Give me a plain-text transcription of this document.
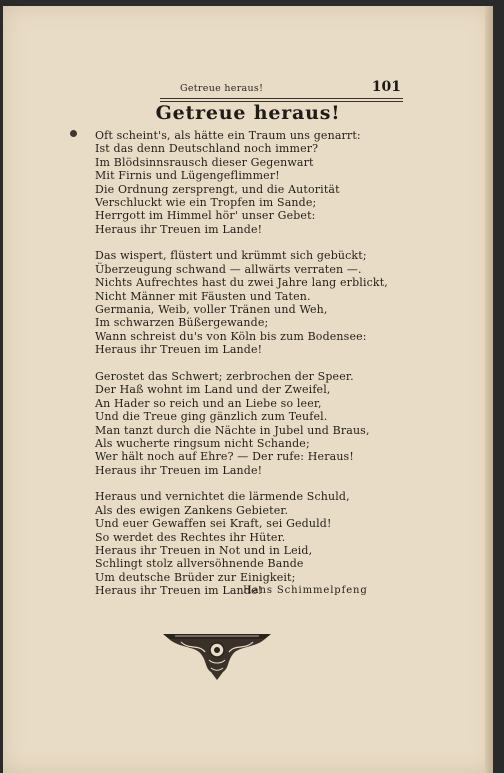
Getreue heraus!	101
Getreue heraus!
Oft scheint's, als hätte ein Traum uns genarrt:
Ist das denn Deutschland noch immer?
Im Blödsinnsrausch dieser Gegenwart
Mit Firnis und Lügengeflimmer!
Die Ordnung zersprengt, und die Autorität
Verschluckt wie ein Tropfen im Sande;
Herrgott im Himmel hör' unser Gebet:
Heraus ihr Treuen im Lande!
Das wispert, flüstert und krümmt sich gebückt;
Überzeugung schwand — allwärts verraten —.
Nichts Aufrechtes hast du zwei Jahre lang erblickt,
Nicht Männer mit Fäusten und Taten.
Germania, Weib, voller Tränen und Weh,
Im schwarzen Büßergewande;
Wann schreist du's von Köln bis zum Bodensee:
Heraus ihr Treuen im Lande!
Gerostet das Schwert; zerbrochen der Speer.
Der Haß wohnt im Land und der Zweifel,
An Hader so reich und an Liebe so leer,
Und die Treue ging gänzlich zum Teufel.
Man tanzt durch die Nächte in Jubel und Braus,
Als wucherte ringsum nicht Schande;
Wer hält noch auf Ehre? — Der rufe: Heraus!
Heraus ihr Treuen im Lande!
Heraus und vernichtet die lärmende Schuld,
Als des ewigen Zankens Gebieter.
Und euer Gewaffen sei Kraft, sei Geduld!
So werdet des Rechtes ihr Hüter.
Heraus ihr Treuen in Not und in Leid,
Schlingt stolz allversöhnende Bande
Um deutsche Brüder zur Einigkeit;
Heraus ihr Treuen im Lande!
Hans Schimmelpfeng
